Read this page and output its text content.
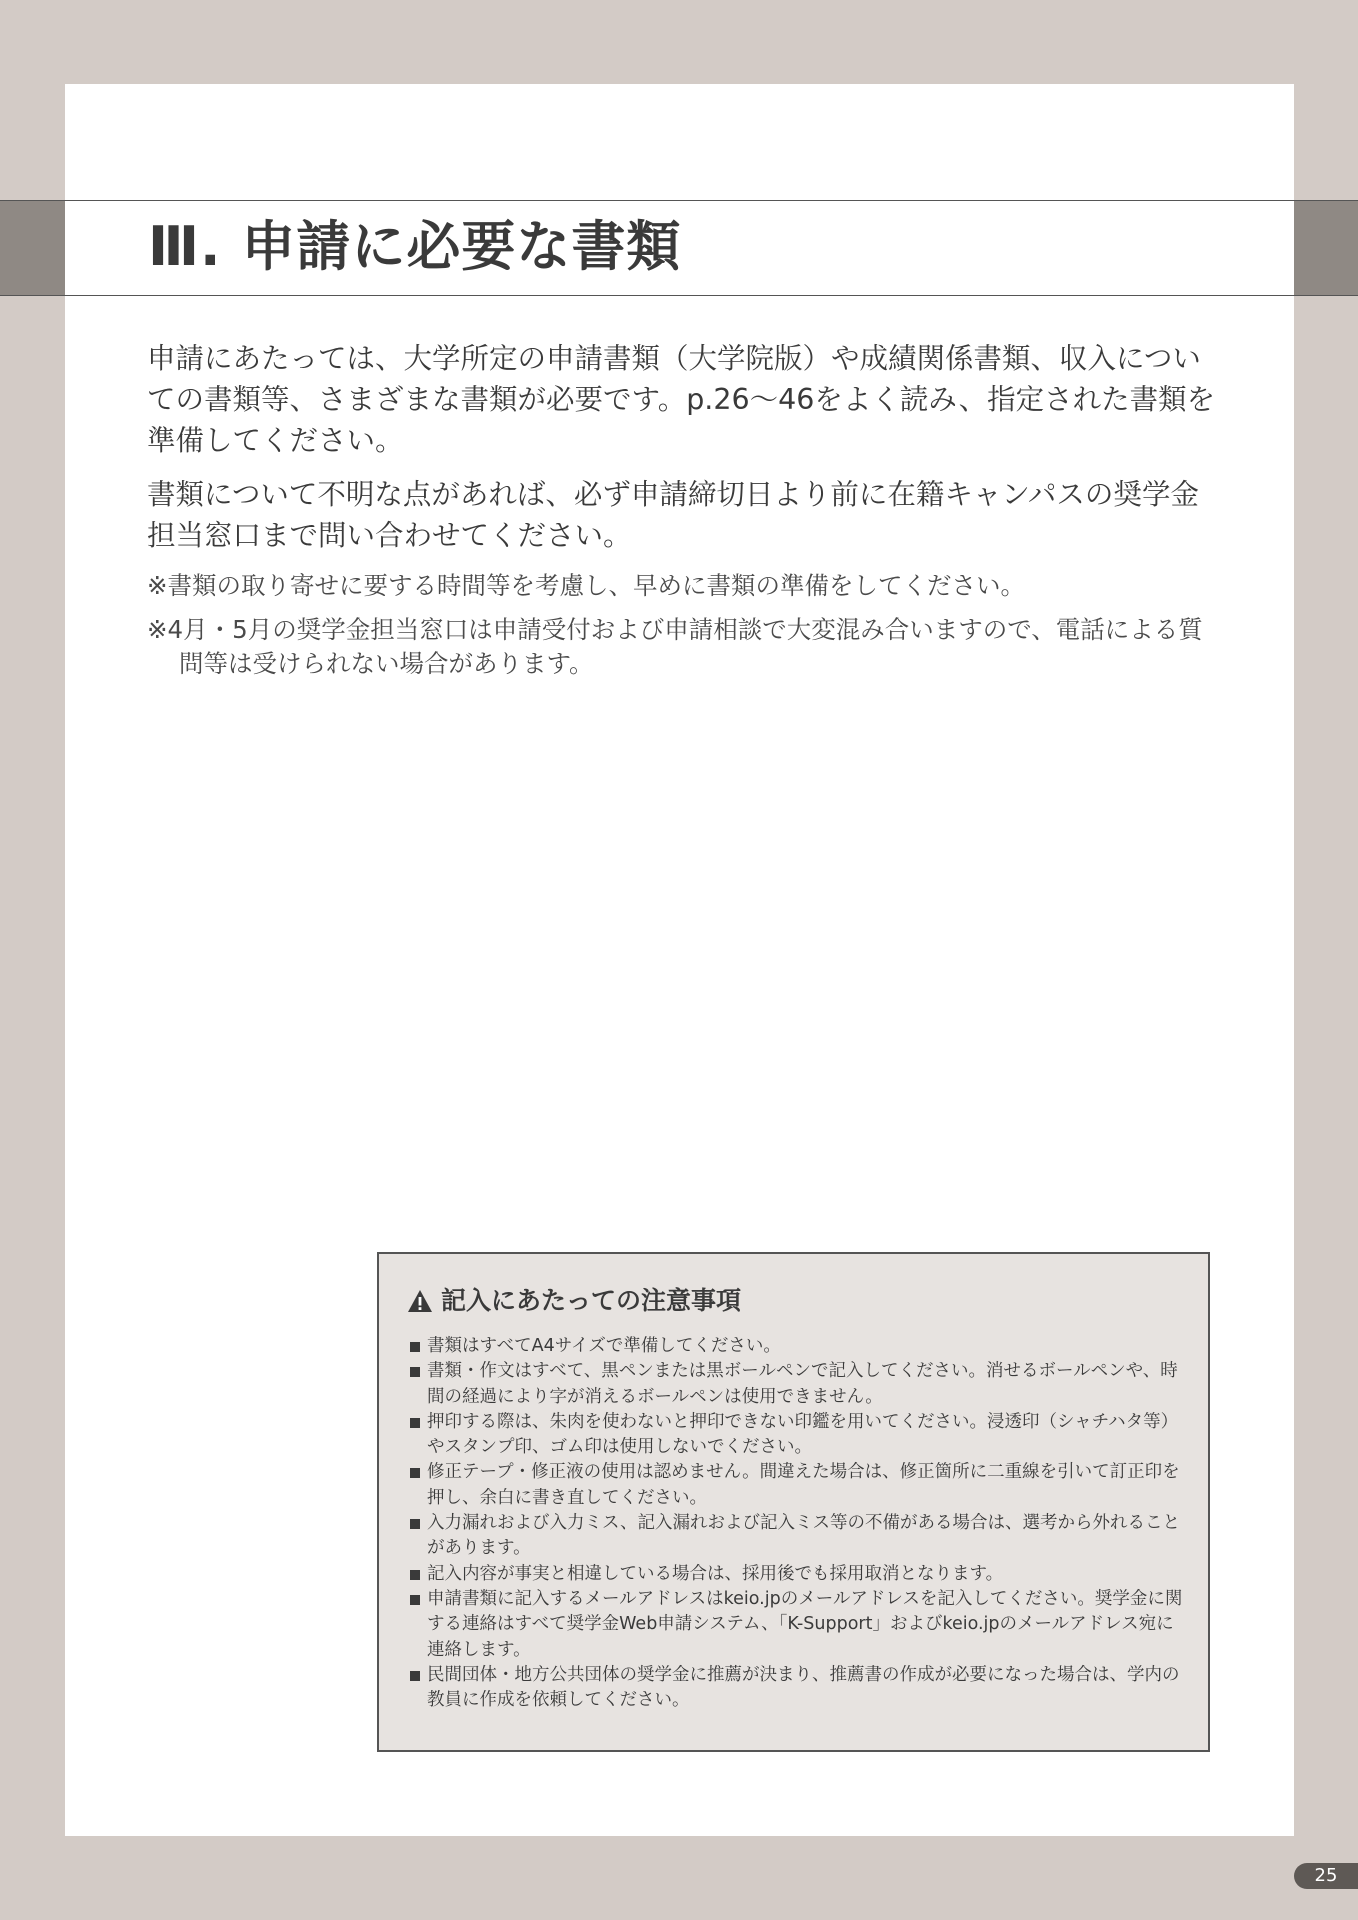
Ⅲ. 申請に必要な書類

申請にあたっては、大学所定の申請書類（大学院版）や成績関係書類、収入についての書類等、さまざまな書類が必要です。p.26～46をよく読み、指定された書類を準備してください。

書類について不明な点があれば、必ず申請締切日より前に在籍キャンパスの奨学金担当窓口まで問い合わせてください。

※書類の取り寄せに要する時間等を考慮し、早めに書類の準備をしてください。
※4月・5月の奨学金担当窓口は申請受付および申請相談で大変混み合いますので、電話による質問等は受けられない場合があります。
記入にあたっての注意事項
書類はすべてA4サイズで準備してください。
書類・作文はすべて、黒ペンまたは黒ボールペンで記入してください。消せるボールペンや、時間の経過により字が消えるボールペンは使用できません。
押印する際は、朱肉を使わないと押印できない印鑑を用いてください。浸透印（シャチハタ等）やスタンプ印、ゴム印は使用しないでください。
修正テープ・修正液の使用は認めません。間違えた場合は、修正箇所に二重線を引いて訂正印を押し、余白に書き直してください。
入力漏れおよび入力ミス、記入漏れおよび記入ミス等の不備がある場合は、選考から外れることがあります。
記入内容が事実と相違している場合は、採用後でも採用取消となります。
申請書類に記入するメールアドレスはkeio.jpのメールアドレスを記入してください。奨学金に関する連絡はすべて奨学金Web申請システム、「K-Support」およびkeio.jpのメールアドレス宛に連絡します。
民間団体・地方公共団体の奨学金に推薦が決まり、推薦書の作成が必要になった場合は、学内の教員に作成を依頼してください。
25
